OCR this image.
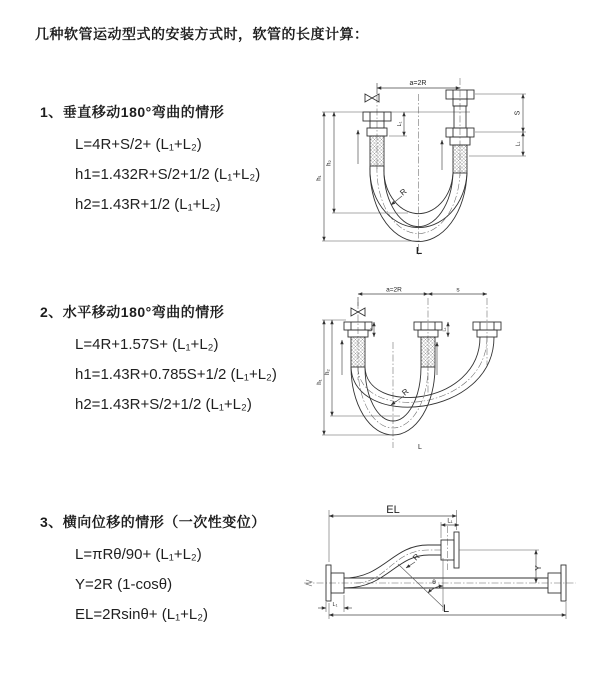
几种软管运动型式的安装方式时，软管的长度计算：
1、垂直移动180°弯曲的情形
L=4R+S/2+ (L₁+L₂)
h1=1.432R+S/2+1/2 (L₁+L₂)
h2=1.43R+1/2 (L₁+L₂)
2、水平移动180°弯曲的情形
L=4R+1.57S+ (L₁+L₂)
h1=1.43R+0.785S+1/2 (L₁+L₂)
h2=1.43R+S/2+1/2 (L₁+L₂)
3、横向位移的情形（一次性变位）
L=πRθ/90+ (L₁+L₂)
Y=2R (1-cosθ)
EL=2Rsinθ+ (L₁+L₂)
a=2R
S
L₁
L₁
h₁
h₂
R
L
a=2R	s
h₁
h₂
L₁	L₁
R
L
EL
L₁
Y
L
L₁
θ
R
